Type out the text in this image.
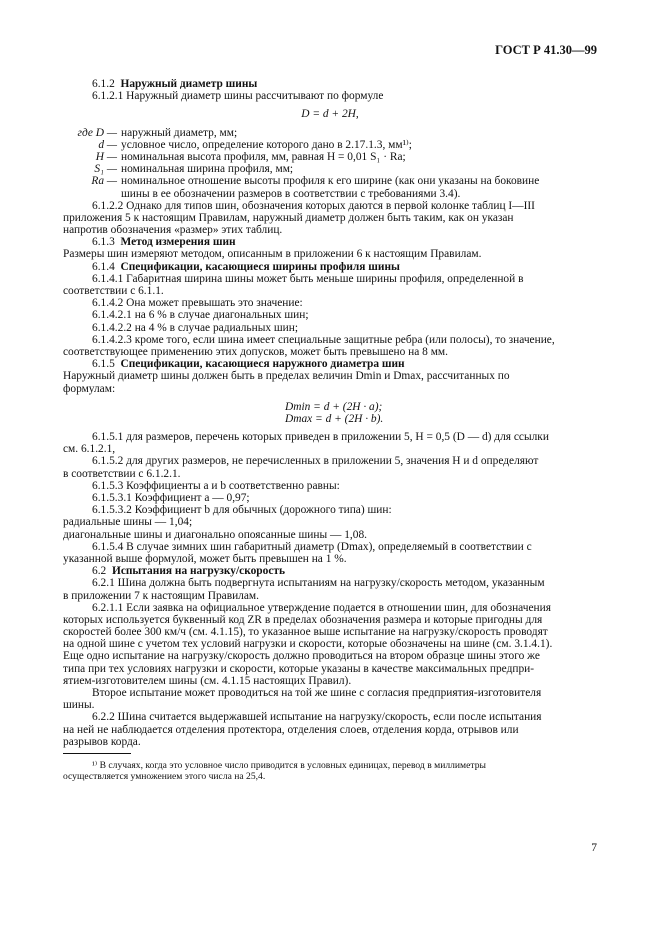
ГОСТ Р 41.30—99
6.1.2 Наружный диаметр шины
6.1.2.1 Наружный диаметр шины рассчитывают по формуле
D = d + 2H,
где D — наружный диаметр, мм;
d — условное число, определение которого дано в 2.17.1.3, мм¹⁾;
H — номинальная высота профиля, мм, равная H = 0,01 S₁ · Ra;
S₁ — номинальная ширина профиля, мм;
Ra — номинальное отношение высоты профиля к его ширине (как они указаны на боковине
шины в ее обозначении размеров в соответствии с требованиями 3.4).
6.1.2.2 Однако для типов шин, обозначения которых даются в первой колонке таблиц I—III
приложения 5 к настоящим Правилам, наружный диаметр должен быть таким, как он указан
напротив обозначения «размер» этих таблиц.
6.1.3 Метод измерения шин
Размеры шин измеряют методом, описанным в приложении 6 к настоящим Правилам.
6.1.4 Спецификации, касающиеся ширины профиля шины
6.1.4.1 Габаритная ширина шины может быть меньше ширины профиля, определенной в
соответствии с 6.1.1.
6.1.4.2 Она может превышать это значение:
6.1.4.2.1 на 6 % в случае диагональных шин;
6.1.4.2.2 на 4 % в случае радиальных шин;
6.1.4.2.3 кроме того, если шина имеет специальные защитные ребра (или полосы), то значение,
соответствующее применению этих допусков, может быть превышено на 8 мм.
6.1.5 Спецификации, касающиеся наружного диаметра шин
Наружный диаметр шины должен быть в пределах величин Dmin и Dmax, рассчитанных по
формулам:
Dmin = d + (2H · a);
Dmax = d + (2H · b).
6.1.5.1 для размеров, перечень которых приведен в приложении 5, H = 0,5 (D — d) для ссылки
см. 6.1.2.1,
6.1.5.2 для других размеров, не перечисленных в приложении 5, значения H и d определяют
в соответствии с 6.1.2.1.
6.1.5.3 Коэффициенты a и b соответственно равны:
6.1.5.3.1 Коэффициент a — 0,97;
6.1.5.3.2 Коэффициент b для обычных (дорожного типа) шин:
радиальные шины — 1,04;
диагональные шины и диагонально опоясанные шины — 1,08.
6.1.5.4 В случае зимних шин габаритный диаметр (Dmax), определяемый в соответствии с
указанной выше формулой, может быть превышен на 1 %.
6.2 Испытания на нагрузку/скорость
6.2.1 Шина должна быть подвергнута испытаниям на нагрузку/скорость методом, указанным
в приложении 7 к настоящим Правилам.
6.2.1.1 Если заявка на официальное утверждение подается в отношении шин, для обозначения
которых используется буквенный код ZR в пределах обозначения размера и которые пригодны для
скоростей более 300 км/ч (см. 4.1.15), то указанное выше испытание на нагрузку/скорость проводят
на одной шине с учетом тех условий нагрузки и скорости, которые обозначены на шине (см. 3.1.4.1).
Еще одно испытание на нагрузку/скорость должно проводиться на втором образце шины этого же
типа при тех условиях нагрузки и скорости, которые указаны в качестве максимальных предпри-
ятием-изготовителем шины (см. 4.1.15 настоящих Правил).
Второе испытание может проводиться на той же шине с согласия предприятия-изготовителя
шины.
6.2.2 Шина считается выдержавшей испытание на нагрузку/скорость, если после испытания
на ней не наблюдается отделения протектора, отделения слоев, отделения корда, отрывов или
разрывов корда.
¹⁾ В случаях, когда это условное число приводится в условных единицах, перевод в миллиметры
осуществляется умножением этого числа на 25,4.
7
